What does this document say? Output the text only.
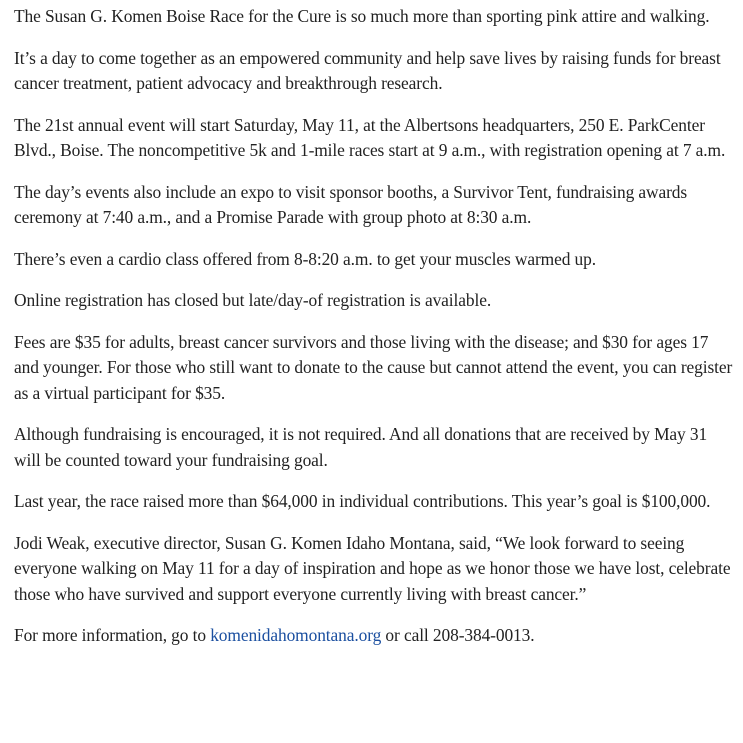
The Susan G. Komen Boise Race for the Cure is so much more than sporting pink attire and walking.

It’s a day to come together as an empowered community and help save lives by raising funds for breast cancer treatment, patient advocacy and breakthrough research.

The 21st annual event will start Saturday, May 11, at the Albertsons headquarters, 250 E. ParkCenter Blvd., Boise. The noncompetitive 5k and 1-mile races start at 9 a.m., with registration opening at 7 a.m.

The day’s events also include an expo to visit sponsor booths, a Survivor Tent, fundraising awards ceremony at 7:40 a.m., and a Promise Parade with group photo at 8:30 a.m.

There’s even a cardio class offered from 8-8:20 a.m. to get your muscles warmed up.

Online registration has closed but late/day-of registration is available.

Fees are $35 for adults, breast cancer survivors and those living with the disease; and $30 for ages 17 and younger. For those who still want to donate to the cause but cannot attend the event, you can register as a virtual participant for $35.

Although fundraising is encouraged, it is not required. And all donations that are received by May 31 will be counted toward your fundraising goal.

Last year, the race raised more than $64,000 in individual contributions. This year’s goal is $100,000.

Jodi Weak, executive director, Susan G. Komen Idaho Montana, said, “We look forward to seeing everyone walking on May 11 for a day of inspiration and hope as we honor those we have lost, celebrate those who have survived and support everyone currently living with breast cancer.”

For more information, go to komenidahomontana.org or call 208-384-0013.
